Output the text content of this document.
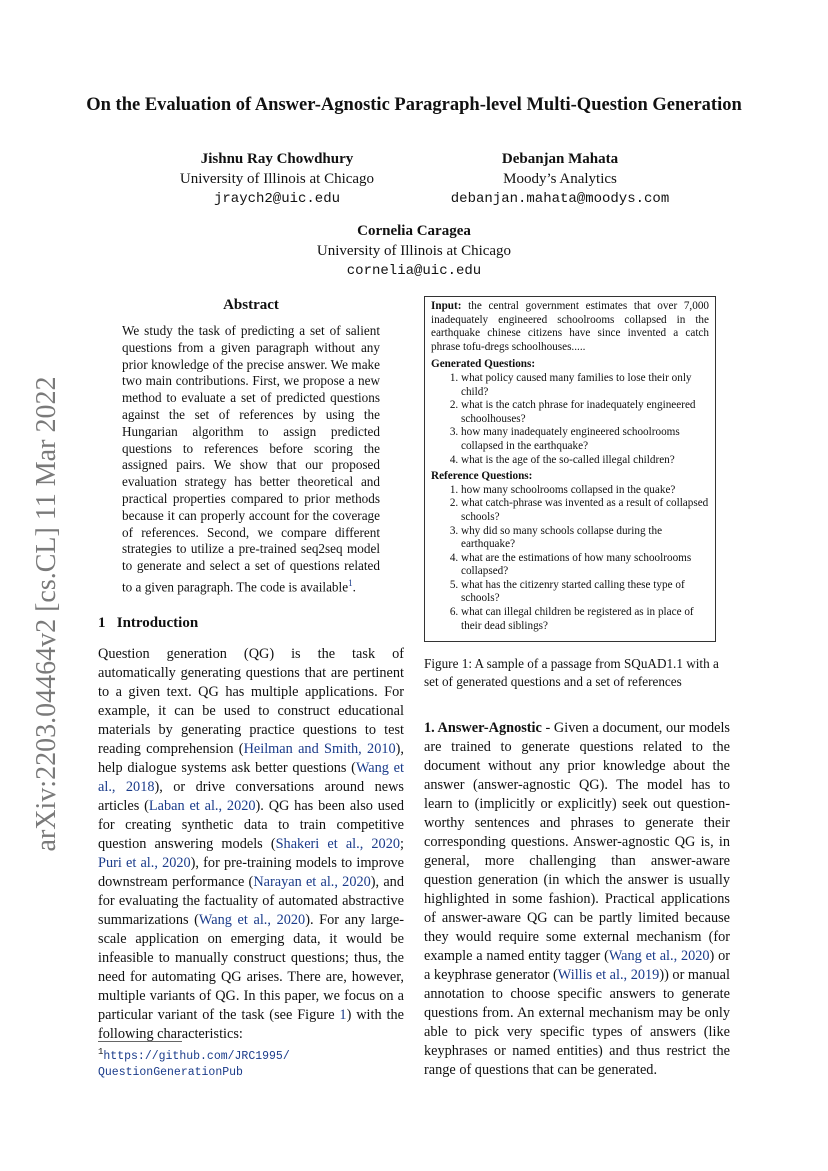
arXiv:2203.04464v2 [cs.CL] 11 Mar 2022
On the Evaluation of Answer-Agnostic Paragraph-level Multi-Question Generation
Jishnu Ray Chowdhury
University of Illinois at Chicago
jraych2@uic.edu
Debanjan Mahata
Moody’s Analytics
debanjan.mahata@moodys.com
Cornelia Caragea
University of Illinois at Chicago
cornelia@uic.edu
Abstract
We study the task of predicting a set of salient questions from a given paragraph without any prior knowledge of the precise answer. We make two main contributions. First, we propose a new method to evaluate a set of predicted questions against the set of references by using the Hungarian algorithm to assign predicted questions to references before scoring the assigned pairs. We show that our proposed evaluation strategy has better theoretical and practical properties compared to prior methods because it can properly account for the coverage of references. Second, we compare different strategies to utilize a pre-trained seq2seq model to generate and select a set of questions related to a given paragraph. The code is available$^1$.
1   Introduction
Question generation (QG) is the task of automatically generating questions that are pertinent to a given text. QG has multiple applications. For example, it can be used to construct educational materials by generating practice questions to test reading comprehension (Heilman and Smith, 2010), help dialogue systems ask better questions (Wang et al., 2018), or drive conversations around news articles (Laban et al., 2020). QG has been also used for creating synthetic data to train competitive question answering models (Shakeri et al., 2020; Puri et al., 2020), for pre-training models to improve downstream performance (Narayan et al., 2020), and for evaluating the factuality of automated abstractive summarizations (Wang et al., 2020). For any large-scale application on emerging data, it would be infeasible to manually construct questions; thus, the need for automating QG arises. There are, however, multiple variants of QG. In this paper, we focus on a particular variant of the task (see Figure 1) with the following characteristics:
$^1$https://github.com/JRC1995/
QuestionGenerationPub
Input: the central government estimates that over 7,000 inadequately engineered schoolrooms collapsed in the earthquake chinese citizens have since invented a catch phrase tofu-dregs schoolhouses.....
Generated Questions:
1. what policy caused many families to lose their only child?
2. what is the catch phrase for inadequately engineered schoolhouses?
3. how many inadequately engineered schoolrooms collapsed in the earthquake?
4. what is the age of the so-called illegal children?
Reference Questions:
1. how many schoolrooms collapsed in the quake?
2. what catch-phrase was invented as a result of collapsed schools?
3. why did so many schools collapse during the earthquake?
4. what are the estimations of how many schoolrooms collapsed?
5. what has the citizenry started calling these type of schools?
6. what can illegal children be registered as in place of their dead siblings?
Figure 1: A sample of a passage from SQuAD1.1 with a set of generated questions and a set of references
1. Answer-Agnostic - Given a document, our models are trained to generate questions related to the document without any prior knowledge about the answer (answer-agnostic QG). The model has to learn to (implicitly or explicitly) seek out question-worthy sentences and phrases to generate their corresponding questions. Answer-agnostic QG is, in general, more challenging than answer-aware question generation (in which the answer is usually highlighted in some fashion). Practical applications of answer-aware QG can be partly limited because they would require some external mechanism (for example a named entity tagger (Wang et al., 2020) or a keyphrase generator (Willis et al., 2019)) or manual annotation to choose specific answers to generate questions from. An external mechanism may be only able to pick very specific types of answers (like keyphrases or named entities) and thus restrict the range of questions that can be generated.
